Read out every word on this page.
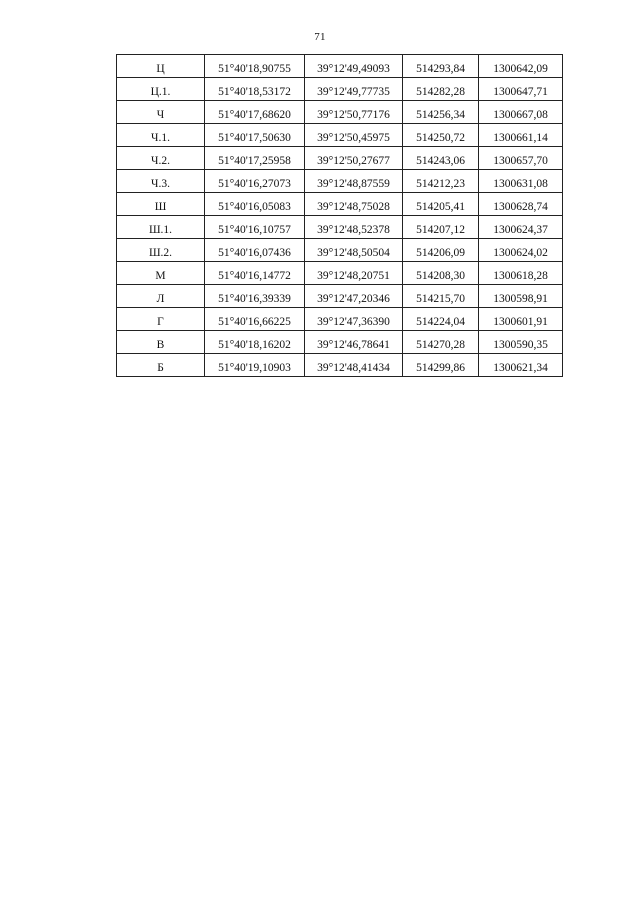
71
Ц	51°40'18,90755	39°12'49,49093	514293,84	1300642,09
Ц.1.	51°40'18,53172	39°12'49,77735	514282,28	1300647,71
Ч	51°40'17,68620	39°12'50,77176	514256,34	1300667,08
Ч.1.	51°40'17,50630	39°12'50,45975	514250,72	1300661,14
Ч.2.	51°40'17,25958	39°12'50,27677	514243,06	1300657,70
Ч.3.	51°40'16,27073	39°12'48,87559	514212,23	1300631,08
Ш	51°40'16,05083	39°12'48,75028	514205,41	1300628,74
Ш.1.	51°40'16,10757	39°12'48,52378	514207,12	1300624,37
Ш.2.	51°40'16,07436	39°12'48,50504	514206,09	1300624,02
М	51°40'16,14772	39°12'48,20751	514208,30	1300618,28
Л	51°40'16,39339	39°12'47,20346	514215,70	1300598,91
Г	51°40'16,66225	39°12'47,36390	514224,04	1300601,91
В	51°40'18,16202	39°12'46,78641	514270,28	1300590,35
Б	51°40'19,10903	39°12'48,41434	514299,86	1300621,34
